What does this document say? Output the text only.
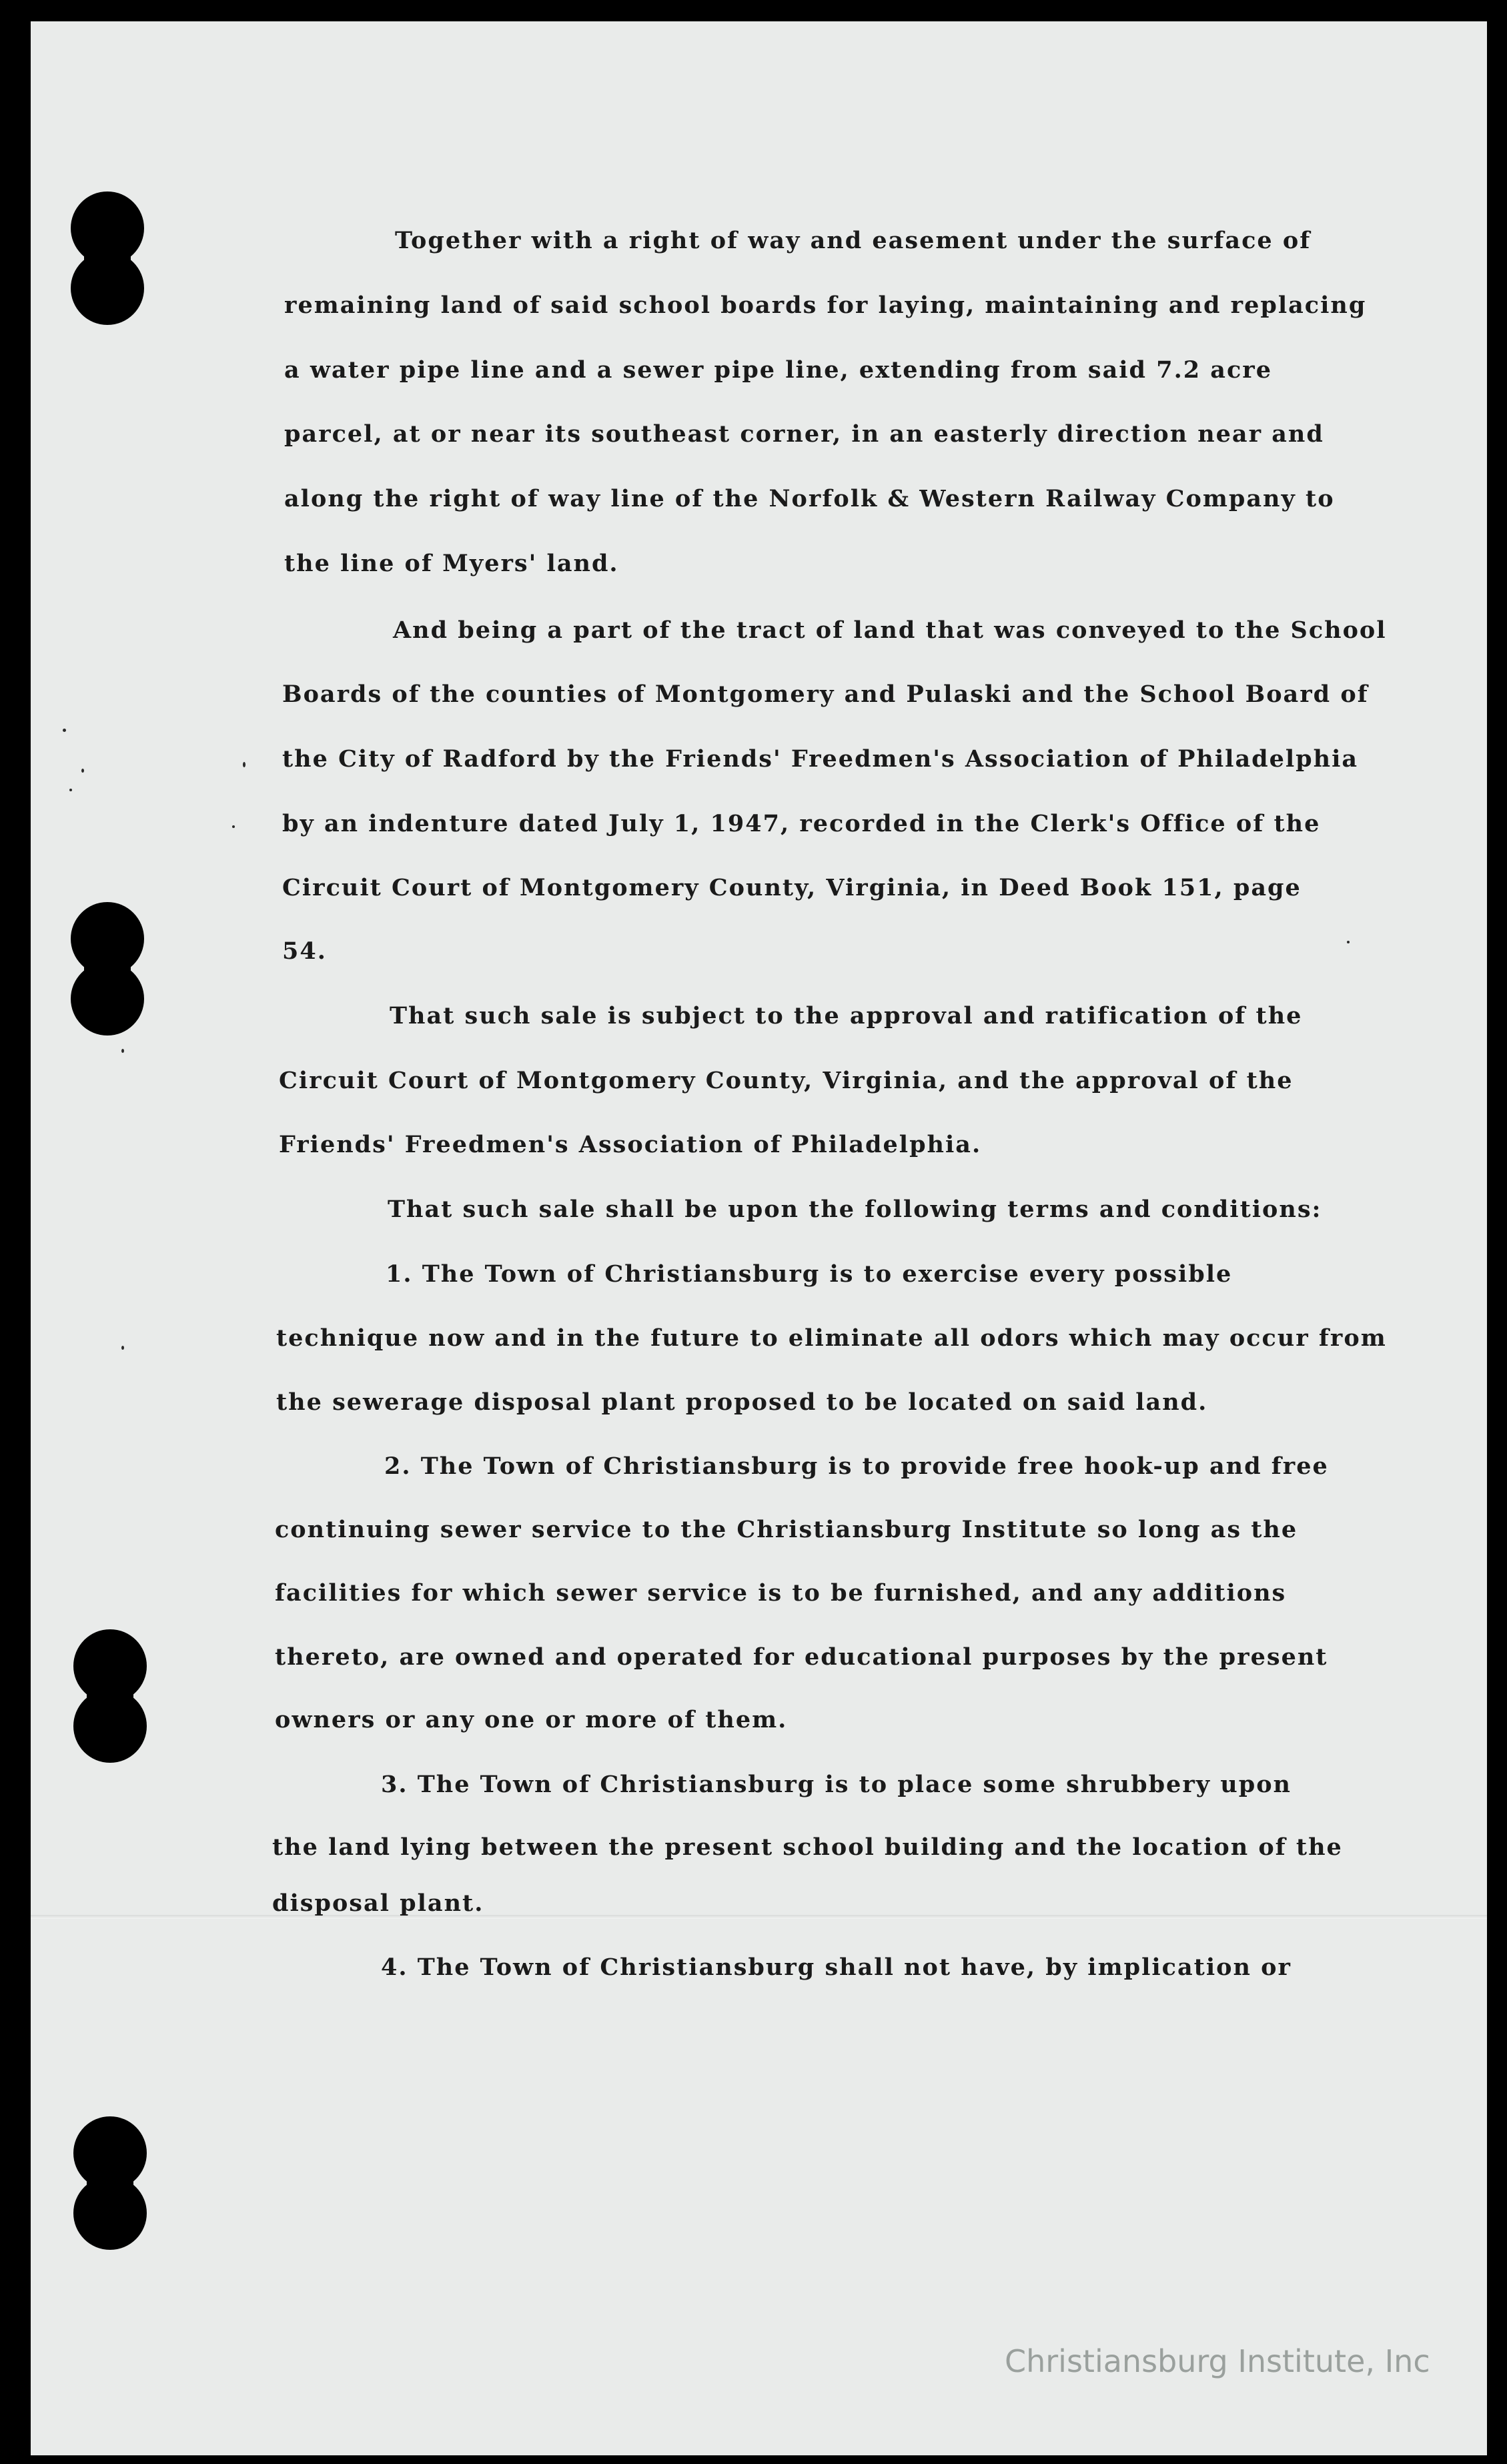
Together with a right of way and easement under the surface of
remaining land of said school boards for laying, maintaining and replacing
a water pipe line and a sewer pipe line, extending from said 7.2 acre
parcel, at or near its southeast corner, in an easterly direction near and
along the right of way line of the Norfolk & Western Railway Company to
the line of Myers' land.
And being a part of the tract of land that was conveyed to the School
Boards of the counties of Montgomery and Pulaski and the School Board of
the City of Radford by the Friends' Freedmen's Association of Philadelphia
by an indenture dated July 1, 1947, recorded in the Clerk's Office of the
Circuit Court of Montgomery County, Virginia, in Deed Book 151, page
54.
That such sale is subject to the approval and ratification of the
Circuit Court of Montgomery County, Virginia, and the approval of the
Friends' Freedmen's Association of Philadelphia.
That such sale shall be upon the following terms and conditions:
1. The Town of Christiansburg is to exercise every possible
technique now and in the future to eliminate all odors which may occur from
the sewerage disposal plant proposed to be located on said land.
2. The Town of Christiansburg is to provide free hook-up and free
continuing sewer service to the Christiansburg Institute so long as the
facilities for which sewer service is to be furnished, and any additions
thereto, are owned and operated for educational purposes by the present
owners or any one or more of them.
3. The Town of Christiansburg is to place some shrubbery upon
the land lying between the present school building and the location of the
disposal plant.
4. The Town of Christiansburg shall not have, by implication or
Christiansburg Institute, Inc
